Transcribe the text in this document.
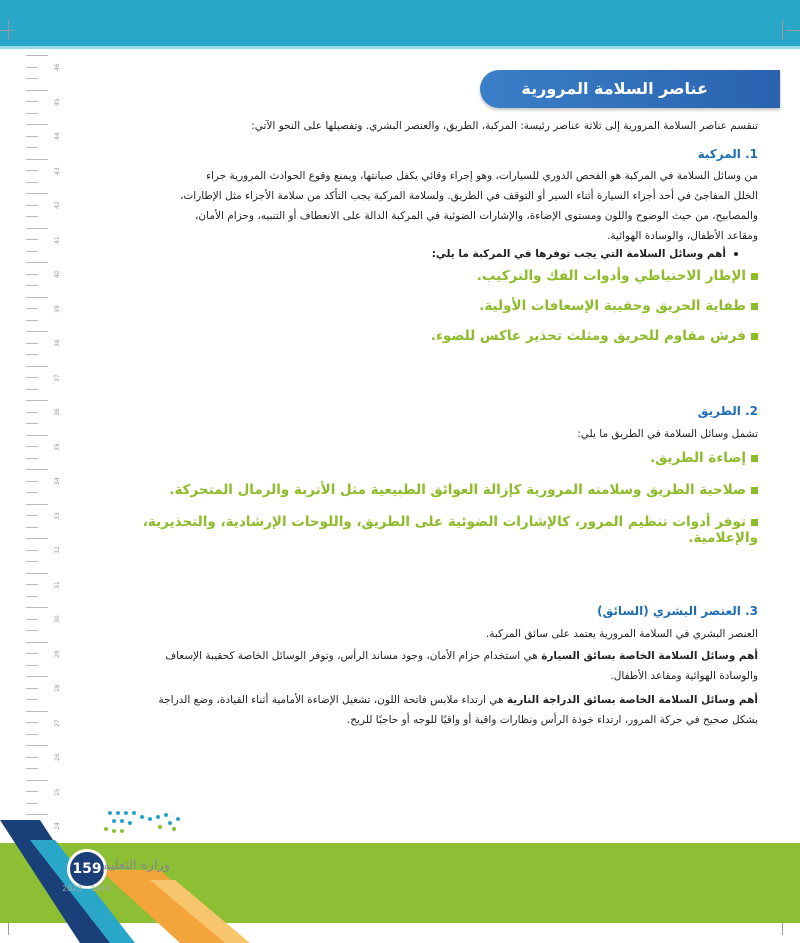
46
45
44
43
42
41
40
39
38
37
36
35
34
33
32
31
30
29
28
27
26
25
24
عناصر السلامة المرورية
تنقسم عناصر السلامة المرورية إلى ثلاثة عناصر رئيسة: المركبة، الطريق، والعنصر البشري. وتفصيلها على النحو الآتي:
1. المركبة
من وسائل السلامة في المركبة هو الفحص الدوري للسيارات، وهو إجراء وقائي يكفل صيانتها، ويمنع وقوع الحوادث المرورية جراء
الخلل المفاجئ في أحد أجزاء السيارة أثناء السير أو التوقف في الطريق. ولسلامة المركبة يجب التأكد من سلامة الأجزاء مثل الإطارات،
والمصابيح، من حيث الوضوح واللون ومستوى الإضاءة، والإشارات الضوئية في المركبة الدالة على الانعطاف أو التنبيه، وحزام الأمان،
ومقاعد الأطفال، والوسادة الهوائية.
أهم وسائل السلامة التي يجب توفرها في المركبة ما يلي:
الإطار الاحتياطي وأدوات الفك والتركيب.
طفاية الحريق وحقيبة الإسعافات الأولية.
فرش مقاوم للحريق ومثلث تحذير عاكس للضوء.
2. الطريق
تشمل وسائل السلامة في الطريق ما يلي:
إضاءة الطريق.
صلاحية الطريق وسلامته المرورية كإزالة العوائق الطبيعية مثل الأتربة والرمال المتحركة.
توفر أدوات تنظيم المرور، كالإشارات الضوئية على الطريق، واللوحات الإرشادية، والتحذيرية، والإعلامية.
3. العنصر البشري (السائق)
العنصر البشري في السلامة المرورية يعتمد على سائق المركبة.
أهم وسائل السلامة الخاصة بسائق السيارة هي استخدام حزام الأمان، وجود مساند الرأس، وتوفر الوسائل الخاصة كحقيبة الإسعاف
والوسادة الهوائية ومقاعد الأطفال.
أهم وسائل السلامة الخاصة بسائق الدراجة النارية هي ارتداء ملابس فاتحة اللون، تشغيل الإضاءة الأمامية أثناء القيادة، وضع الدراجة
بشكل صحيح في حركة المرور، ارتداء خوذة الرأس ونظارات واقية أو واقيًا للوجه أو حاجبًا للريح.
159 وزارة التعليم
2023 - 1444
